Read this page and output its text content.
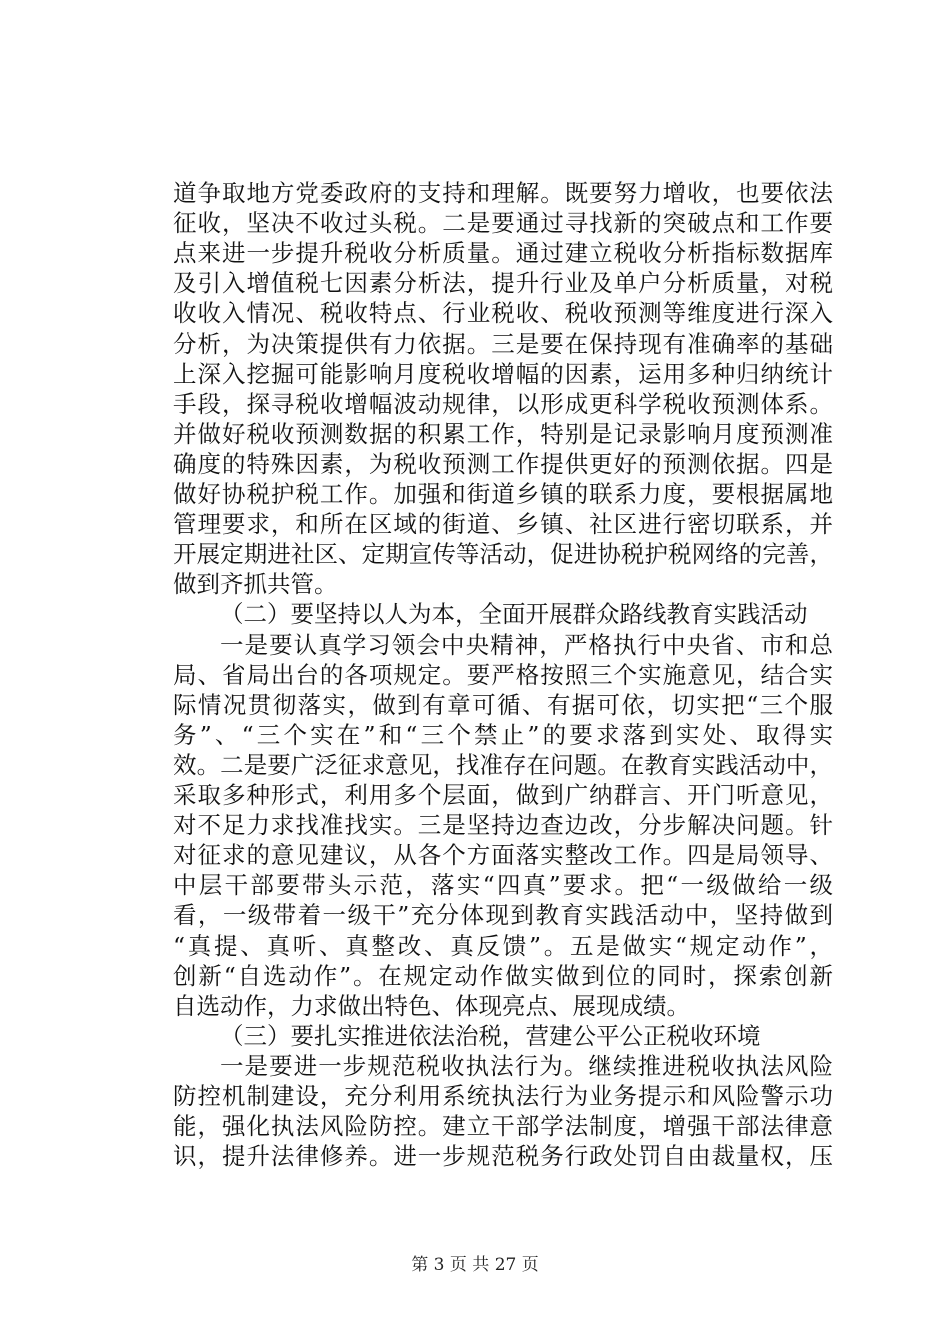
道争取地方党委政府的支持和理解。既要努力增收，也要依法
征收，坚决不收过头税。二是要通过寻找新的突破点和工作要
点来进一步提升税收分析质量。通过建立税收分析指标数据库
及引入增值税七因素分析法，提升行业及单户分析质量，对税
收收入情况、税收特点、行业税收、税收预测等维度进行深入
分析，为决策提供有力依据。三是要在保持现有准确率的基础
上深入挖掘可能影响月度税收增幅的因素，运用多种归纳统计
手段，探寻税收增幅波动规律，以形成更科学税收预测体系。
并做好税收预测数据的积累工作，特别是记录影响月度预测准
确度的特殊因素，为税收预测工作提供更好的预测依据。四是
做好协税护税工作。加强和街道乡镇的联系力度，要根据属地
管理要求，和所在区域的街道、乡镇、社区进行密切联系，并
开展定期进社区、定期宣传等活动，促进协税护税网络的完善，
做到齐抓共管。
（二）要坚持以人为本，全面开展群众路线教育实践活动
一是要认真学习领会中央精神，严格执行中央省、市和总
局、省局出台的各项规定。要严格按照三个实施意见，结合实
际情况贯彻落实，做到有章可循、有据可依，切实把“三个服
务”、“三个实在”和“三个禁止”的要求落到实处、取得实
效。二是要广泛征求意见，找准存在问题。在教育实践活动中，
采取多种形式，利用多个层面，做到广纳群言、开门听意见，
对不足力求找准找实。三是坚持边查边改，分步解决问题。针
对征求的意见建议，从各个方面落实整改工作。四是局领导、
中层干部要带头示范，落实“四真”要求。把“一级做给一级
看，一级带着一级干”充分体现到教育实践活动中，坚持做到
“真提、真听、真整改、真反馈”。五是做实“规定动作”，
创新“自选动作”。在规定动作做实做到位的同时，探索创新
自选动作，力求做出特色、体现亮点、展现成绩。
（三）要扎实推进依法治税，营建公平公正税收环境
一是要进一步规范税收执法行为。继续推进税收执法风险
防控机制建设，充分利用系统执法行为业务提示和风险警示功
能，强化执法风险防控。建立干部学法制度，增强干部法律意
识，提升法律修养。进一步规范税务行政处罚自由裁量权，压
第 3 页 共 27 页
